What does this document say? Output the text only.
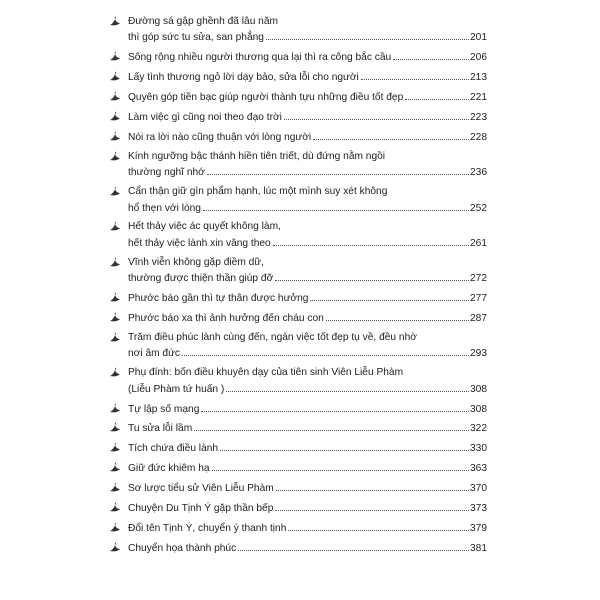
Đường sá gập ghềnh đã lâu năm
thì góp sức tu sửa, san phẳng	201
Sông rộng nhiều người thương qua lại thì ra công bắc cầu	206
Lấy tình thương ngỏ lời dạy bảo, sửa lỗi cho người	213
Quyên góp tiền bạc giúp người thành tựu những điều tốt đẹp	221
Làm việc gì cũng noi theo đạo trời	223
Nói ra lời nào cũng thuận với lòng người	228
Kính ngưỡng bậc thánh hiền tiên triết, dù đứng nằm ngồi
thường nghĩ nhớ	236
Cẩn thận giữ gìn phẩm hạnh, lúc một mình suy xét không
hổ thẹn với lòng	252
Hết thảy việc ác quyết không làm,
hết thảy việc lành xin vâng theo	261
Vĩnh viễn không gặp điềm dữ,
thường được thiện thần giúp đỡ	272
Phước báo gần thì tự thân được hưởng	277
Phước báo xa thì ảnh hưởng đến cháu con	287
Trăm điều phúc lành cùng đến, ngàn việc tốt đẹp tụ về, đều nhờ
nơi âm đức	293
Phụ đính: bốn điều khuyên dạy của tiên sinh Viên Liễu Phàm
(Liễu Phàm tứ huấn )	308
Tự lập số mạng	308
Tu sửa lỗi lầm	322
Tích chứa điều lành	330
Giữ đức khiêm hạ	363
Sơ lược tiểu sử Viên Liễu Phàm	370
Chuyện Du Tịnh Ý gặp thần bếp	373
Đổi tên Tịnh Ý, chuyển ý thanh tịnh	379
Chuyển họa thành phúc	381
